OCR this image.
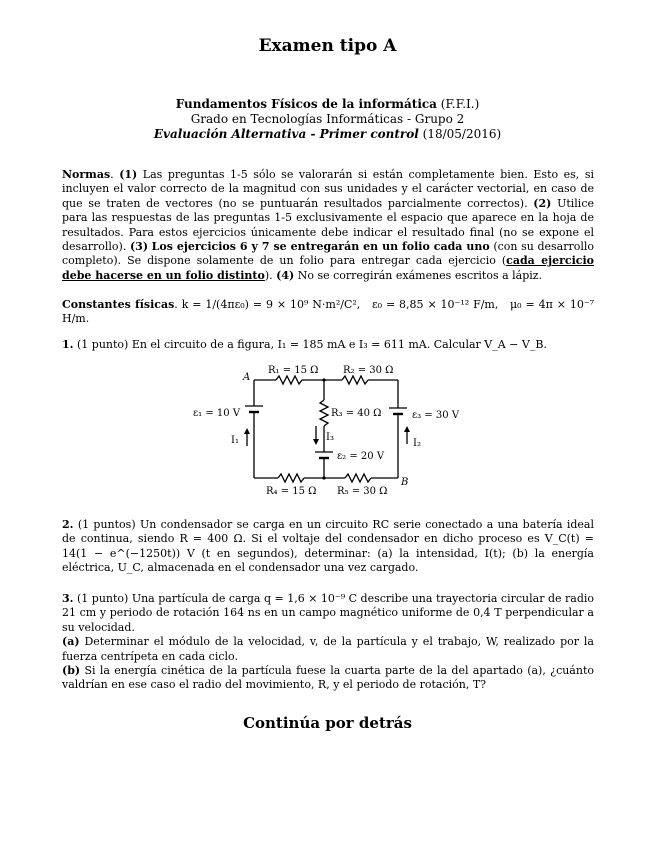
Examen tipo A
Fundamentos Físicos de la informática (F.F.I.)
Grado en Tecnologías Informáticas - Grupo 2
Evaluación Alternativa - Primer control (18/05/2016)
Normas. (1) Las preguntas 1-5 sólo se valorarán si están completamente bien. Esto es, si incluyen el valor correcto de la magnitud con sus unidades y el carácter vectorial, en caso de que se traten de vectores (no se puntuarán resultados parcialmente correctos). (2) Utilice para las respuestas de las preguntas 1-5 exclusivamente el espacio que aparece en la hoja de resultados. Para estos ejercicios únicamente debe indicar el resultado final (no se expone el desarrollo). (3) Los ejercicios 6 y 7 se entregarán en un folio cada uno (con su desarrollo completo). Se dispone solamente de un folio para entregar cada ejercicio (cada ejercicio debe hacerse en un folio distinto). (4) No se corregirán exámenes escritos a lápiz.
Constantes físicas. k = 1/(4πε₀) = 9 × 10⁹ N·m²/C², ε₀ = 8,85 × 10⁻¹² F/m, μ₀ = 4π × 10⁻⁷ H/m.
1. (1 punto) En el circuito de a figura, I₁ = 185 mA e I₃ = 611 mA. Calcular V_A − V_B.
A
B
R₁ = 15 Ω R₂ = 30 Ω
R₃ = 40 Ω
R₄ = 15 Ω R₅ = 30 Ω
ε₁ = 10 V
ε₂ = 20 V
ε₃ = 30 V
I₁	I₂
I₃
2. (1 puntos) Un condensador se carga en un circuito RC serie conectado a una batería ideal de continua, siendo R = 400 Ω. Si el voltaje del condensador en dicho proceso es V_C(t) = 14(1 − e^(−1250t)) V (t en segundos), determinar: (a) la intensidad, I(t); (b) la energía eléctrica, U_C, almacenada en el condensador una vez cargado.
3. (1 punto) Una partícula de carga q = 1,6 × 10⁻⁹ C describe una trayectoria circular de radio 21 cm y periodo de rotación 164 ns en un campo magnético uniforme de 0,4 T perpendicular a su velocidad.
(a) Determinar el módulo de la velocidad, v, de la partícula y el trabajo, W, realizado por la fuerza centrípeta en cada ciclo.
(b) Si la energía cinética de la partícula fuese la cuarta parte de la del apartado (a), ¿cuánto valdrían en ese caso el radio del movimiento, R, y el periodo de rotación, T?
Continúa por detrás
